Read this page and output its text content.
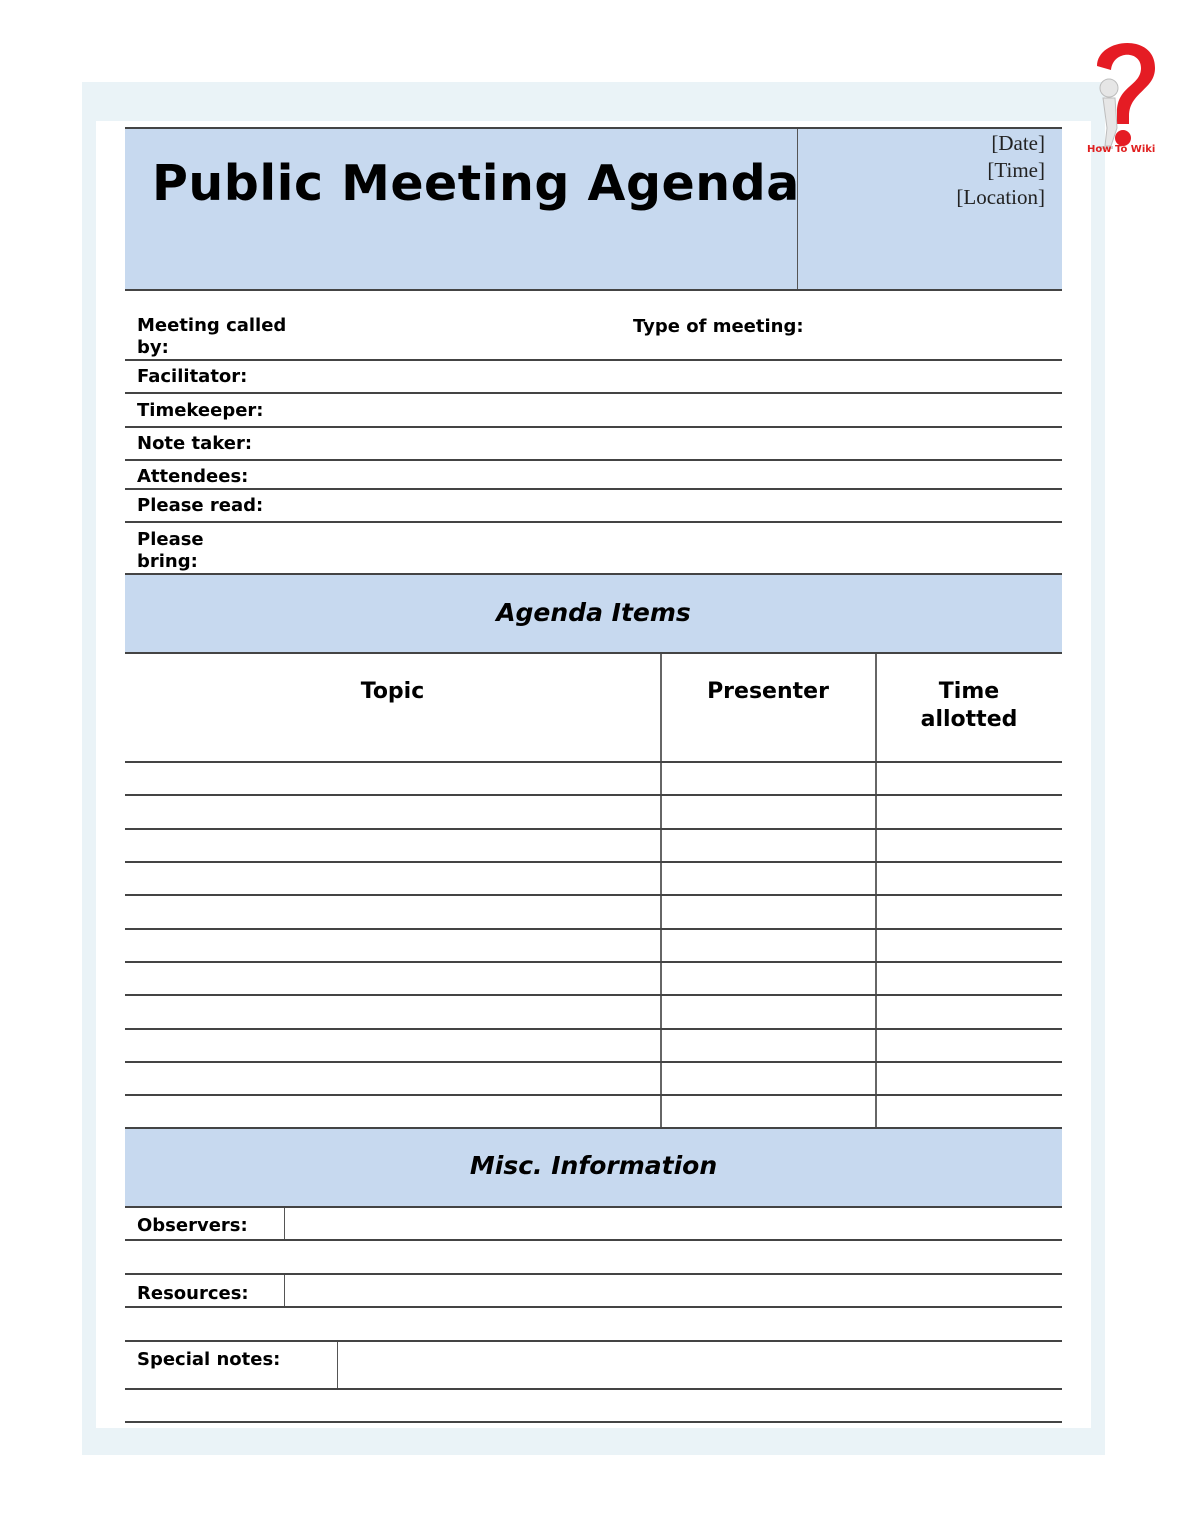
How To Wiki
Public Meeting Agenda
[Date]
[Time]
[Location]
Meeting called
by:
Type of meeting:
Facilitator:
Timekeeper:
Note taker:
Attendees:
Please read:
Please
bring:
Agenda Items
Topic	Presenter	Time
allotted
Misc. Information
Observers:
Resources:
Special notes:
